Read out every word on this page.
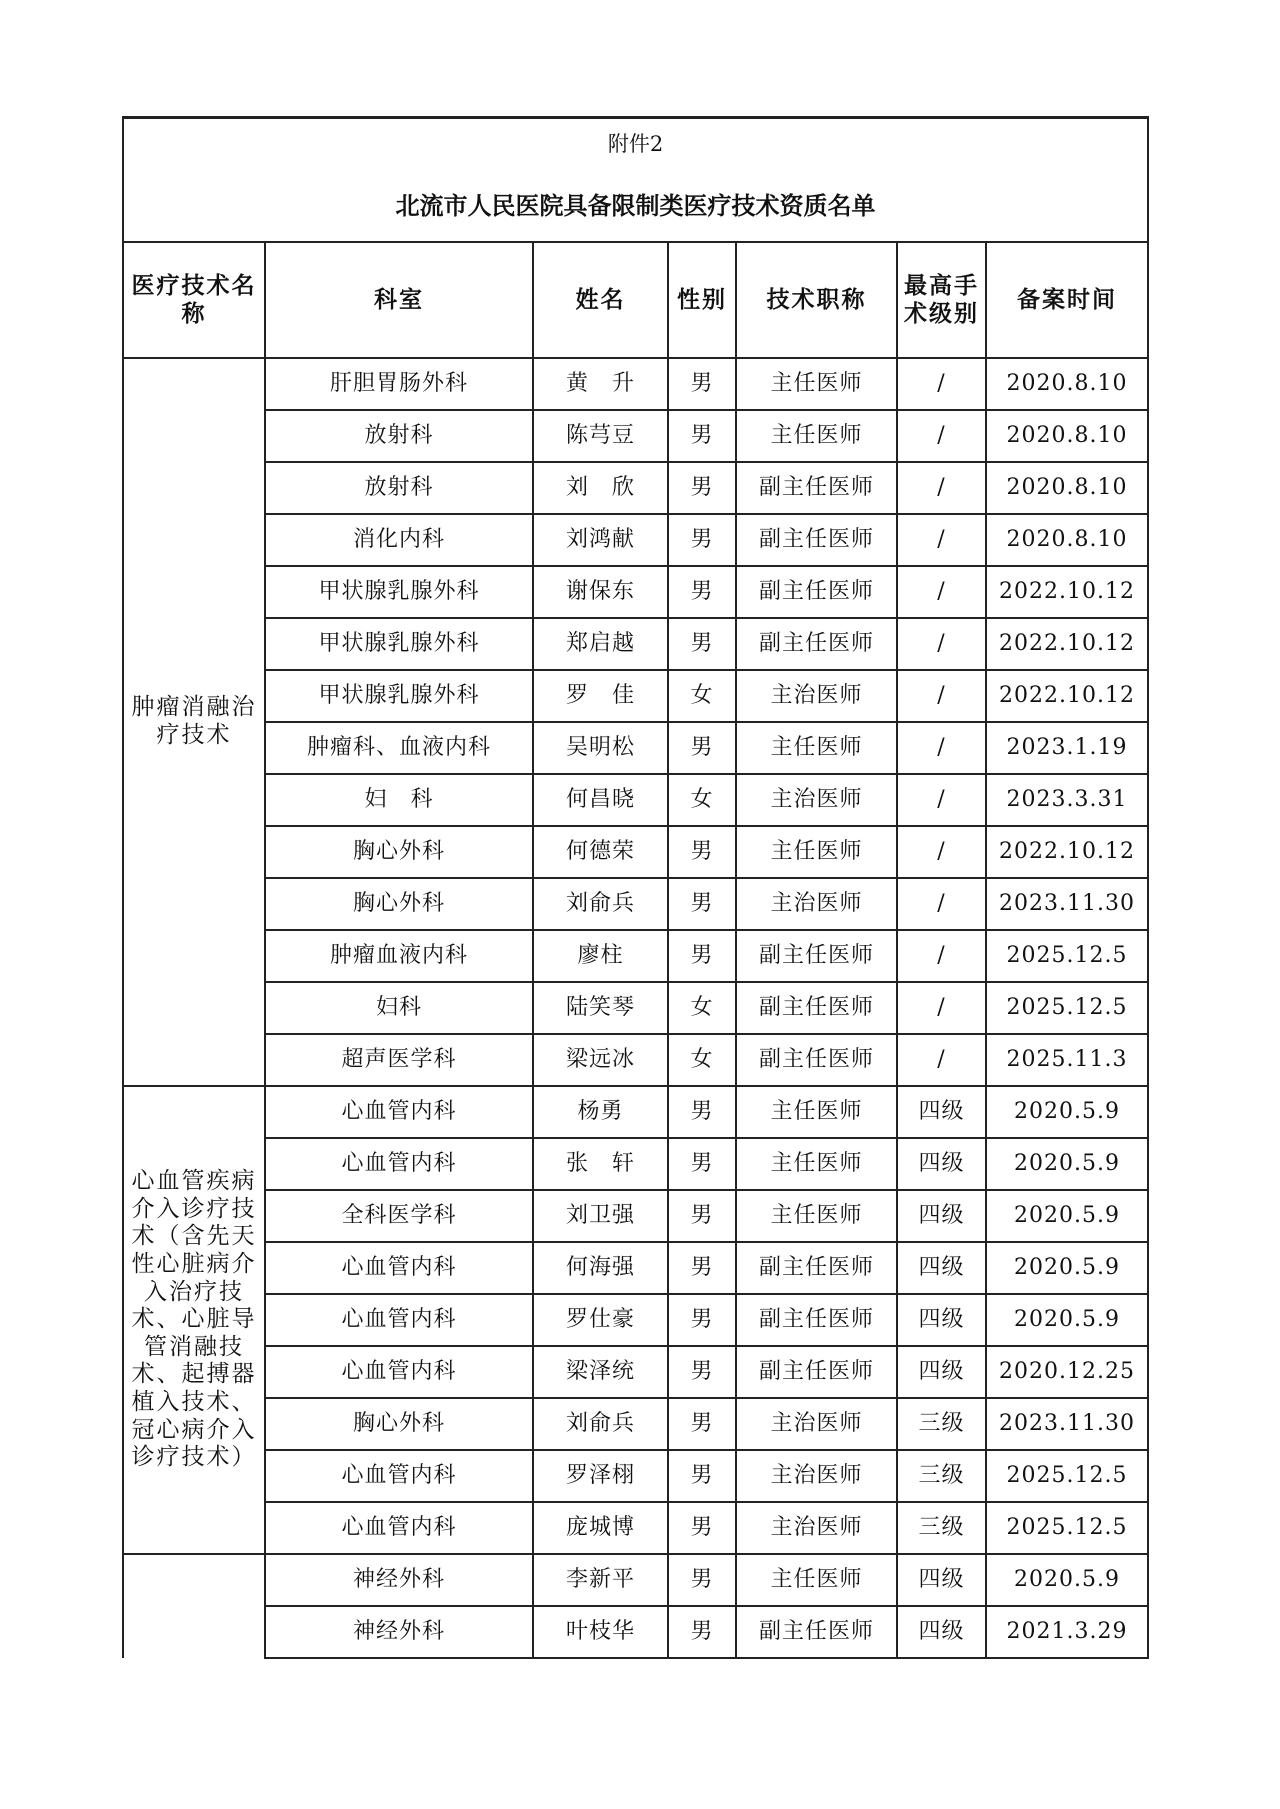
附件2						
北流市人民医院具备限制类医疗技术资质名单						
医疗技术名称	科室	姓名	性别	技术职称	最高手术级别	备案时间
肿瘤消融治疗技术	肝胆胃肠外科	黄　升	男	主任医师	/	2020.8.10
	放射科	陈芎豆	男	主任医师	/	2020.8.10
	放射科	刘　欣	男	副主任医师	/	2020.8.10
	消化内科	刘鸿献	男	副主任医师	/	2020.8.10
	甲状腺乳腺外科	谢保东	男	副主任医师	/	2022.10.12
	甲状腺乳腺外科	郑启越	男	副主任医师	/	2022.10.12
	甲状腺乳腺外科	罗　佳	女	主治医师	/	2022.10.12
	肿瘤科、血液内科	吴明松	男	主任医师	/	2023.1.19
	妇　科	何昌晓	女	主治医师	/	2023.3.31
	胸心外科	何德荣	男	主任医师	/	2022.10.12
	胸心外科	刘俞兵	男	主治医师	/	2023.11.30
	肿瘤血液内科	廖柱	男	副主任医师	/	2025.12.5
	妇科	陆笑琴	女	副主任医师	/	2025.12.5
	超声医学科	梁远冰	女	副主任医师	/	2025.11.3
心血管疾病介入诊疗技术（含先天性心脏病介入治疗技术、心脏导管消融技术、起搏器植入技术、冠心病介入诊疗技术）	心血管内科	杨勇	男	主任医师	四级	2020.5.9
	心血管内科	张　轩	男	主任医师	四级	2020.5.9
	全科医学科	刘卫强	男	主任医师	四级	2020.5.9
	心血管内科	何海强	男	副主任医师	四级	2020.5.9
	心血管内科	罗仕豪	男	副主任医师	四级	2020.5.9
	心血管内科	梁泽统	男	副主任医师	四级	2020.12.25
	胸心外科	刘俞兵	男	主治医师	三级	2023.11.30
	心血管内科	罗泽栩	男	主治医师	三级	2025.12.5
	心血管内科	庞城博	男	主治医师	三级	2025.12.5
	神经外科	李新平	男	主任医师	四级	2020.5.9
	神经外科	叶枝华	男	副主任医师	四级	2021.3.29
